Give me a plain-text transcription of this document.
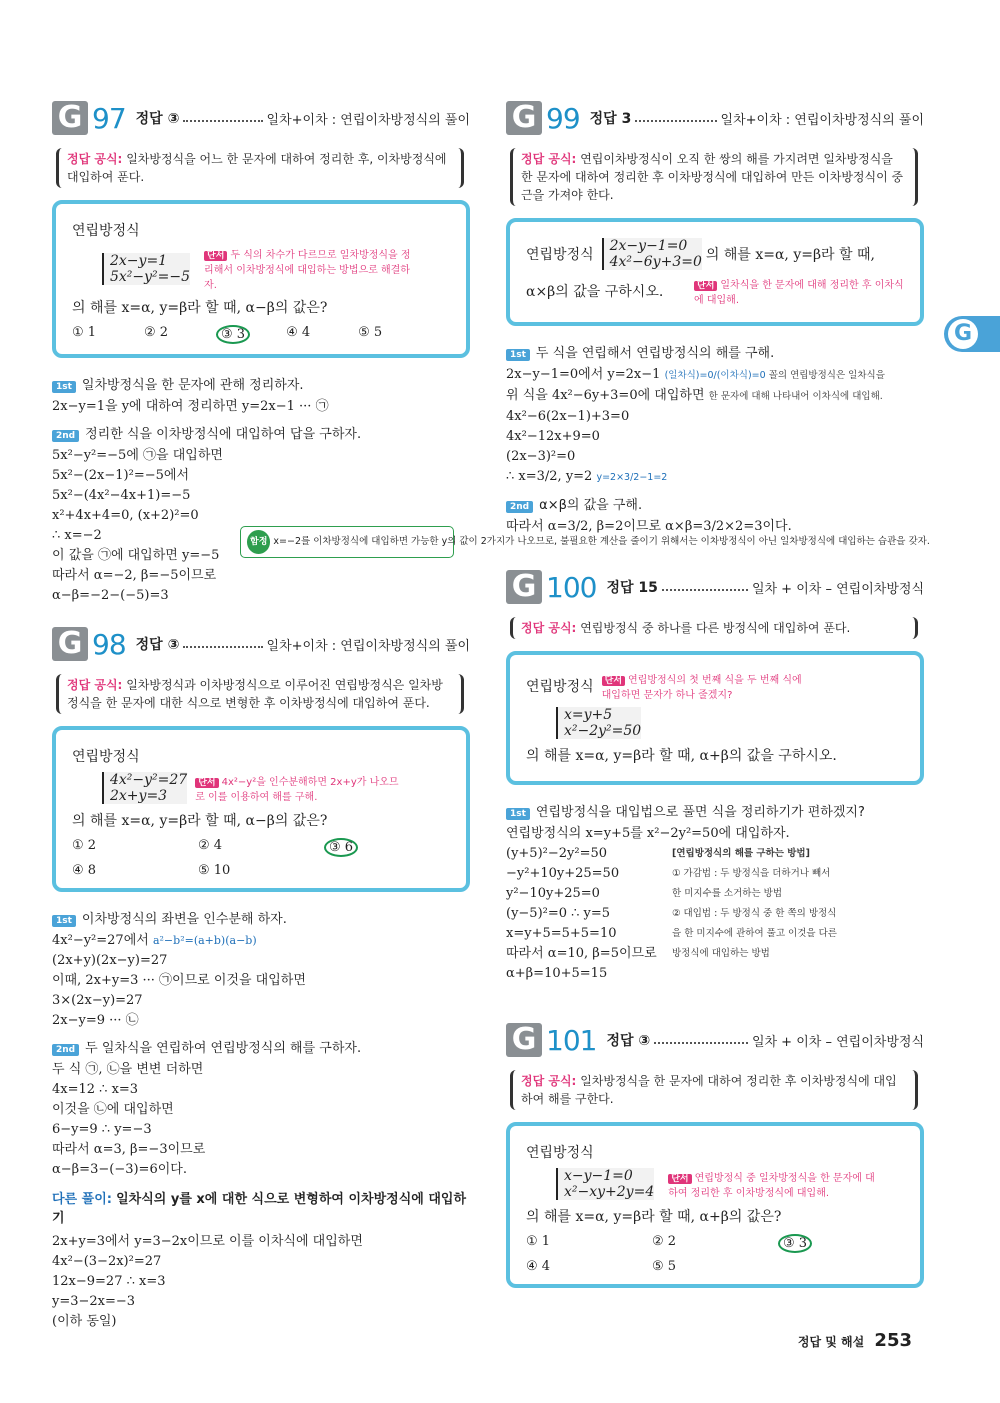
G 97 정답 ③	일차+이차 : 연립이차방정식의 풀이
정답 공식: 일차방정식을 어느 한 문자에 대하여 정리한 후, 이차방정식에 대입하여 푼다.
연립방정식
2x−y=1
5x²−y²=−5
단서 두 식의 차수가 다르므로 일차방정식을 정리해서 이차방정식에 대입하는 방법으로 해결하자.
의 해를 x=α, y=β라 할 때, α−β의 값은?
① 1	② 2	③ 3	④ 4	⑤ 5
1st 일차방정식을 한 문자에 관해 정리하자.
2x−y=1을 y에 대하여 정리하면 y=2x−1 ··· ㉠
2nd 정리한 식을 이차방정식에 대입하여 답을 구하자.
5x²−y²=−5에 ㉠을 대입하면
5x²−(2x−1)²=−5에서
5x²−(4x²−4x+1)=−5
x²+4x+4=0, (x+2)²=0
∴ x=−2
이 값을 ㉠에 대입하면 y=−5
따라서 α=−2, β=−5이므로
α−β=−2−(−5)=3
함정 x=−2를 이차방정식에 대입하면 가능한 y의 값이 2가지가 나오므로, 불필요한 계산을 줄이기 위해서는 이차방정식이 아닌 일차방정식에 대입하는 습관을 갖자.
G 98 정답 ③	일차+이차 : 연립이차방정식의 풀이
정답 공식: 일차방정식과 이차방정식으로 이루어진 연립방정식은 일차방정식을 한 문자에 대한 식으로 변형한 후 이차방정식에 대입하여 푼다.
연립방정식
4x²−y²=27
2x+y=3
단서 4x²−y²을 인수분해하면 2x+y가 나오므로 이를 이용하여 해를 구해.
의 해를 x=α, y=β라 할 때, α−β의 값은?
① 2	② 4	③ 6
④ 8	⑤ 10
1st 이차방정식의 좌변을 인수분해 하자.
4x²−y²=27에서 a²−b²=(a+b)(a−b)
(2x+y)(2x−y)=27
이때, 2x+y=3 ··· ㉠이므로 이것을 대입하면
3×(2x−y)=27
2x−y=9 ··· ㉡
2nd 두 일차식을 연립하여 연립방정식의 해를 구하자.
두 식 ㉠, ㉡을 변변 더하면
4x=12 ∴ x=3
이것을 ㉡에 대입하면
6−y=9 ∴ y=−3
따라서 α=3, β=−3이므로
α−β=3−(−3)=6이다.
다른 풀이: 일차식의 y를 x에 대한 식으로 변형하여 이차방정식에 대입하기
2x+y=3에서 y=3−2x이므로 이를 이차식에 대입하면
4x²−(3−2x)²=27
12x−9=27 ∴ x=3
y=3−2x=−3
(이하 동일)
G 99 정답 3	일차+이차 : 연립이차방정식의 풀이
정답 공식: 연립이차방정식이 오직 한 쌍의 해를 가지려면 일차방정식을 한 문자에 대하여 정리한 후 이차방정식에 대입하여 만든 이차방정식이 중근을 가져야 한다.
연립방정식
2x−y−1=0
4x²−6y+3=0 의 해를 x=α, y=β라 할 때,
α×β의 값을 구하시오.	단서 일차식을 한 문자에 대해 정리한 후 이차식에 대입해.
1st 두 식을 연립해서 연립방정식의 해를 구해.
2x−y−1=0에서 y=2x−1 (일차식)=0/(이차식)=0 꼴의 연립방정식은 일차식을
위 식을 4x²−6y+3=0에 대입하면 한 문자에 대해 나타내어 이차식에 대입해.
4x²−6(2x−1)+3=0
4x²−12x+9=0
(2x−3)²=0
∴ x=3/2, y=2 y=2×3/2−1=2
2nd α×β의 값을 구해.
따라서 α=3/2, β=2이므로 α×β=3/2×2=3이다.
G 100 정답 15	일차 + 이차 – 연립이차방정식
정답 공식: 연립방정식 중 하나를 다른 방정식에 대입하여 푼다.
연립방정식	단서 연립방정식의 첫 번째 식을 두 번째 식에 대입하면 문자가 하나 줄겠지?
x=y+5
x²−2y²=50
의 해를 x=α, y=β라 할 때, α+β의 값을 구하시오.
1st 연립방정식을 대입법으로 풀면 식을 정리하기가 편하겠지?
연립방정식의 x=y+5를 x²−2y²=50에 대입하자.
(y+5)²−2y²=50
−y²+10y+25=50
y²−10y+25=0
(y−5)²=0 ∴ y=5
x=y+5=5+5=10
따라서 α=10, β=5이므로
α+β=10+5=15
[연립방정식의 해를 구하는 방법]
① 가감법 : 두 방정식을 더하거나 빼서 한 미지수를 소거하는 방법
② 대입법 : 두 방정식 중 한 쪽의 방정식을 한 미지수에 관하여 풀고 이것을 다른 방정식에 대입하는 방법
G 101 정답 ③	일차 + 이차 – 연립이차방정식
정답 공식: 일차방정식을 한 문자에 대하여 정리한 후 이차방정식에 대입하여 해를 구한다.
연립방정식
x−y−1=0
x²−xy+2y=4
단서 연립방정식 중 일차방정식을 한 문자에 대하여 정리한 후 이차방정식에 대입해.
의 해를 x=α, y=β라 할 때, α+β의 값은?
① 1	② 2	③ 3
④ 4	⑤ 5
G
정답 및 해설 253
